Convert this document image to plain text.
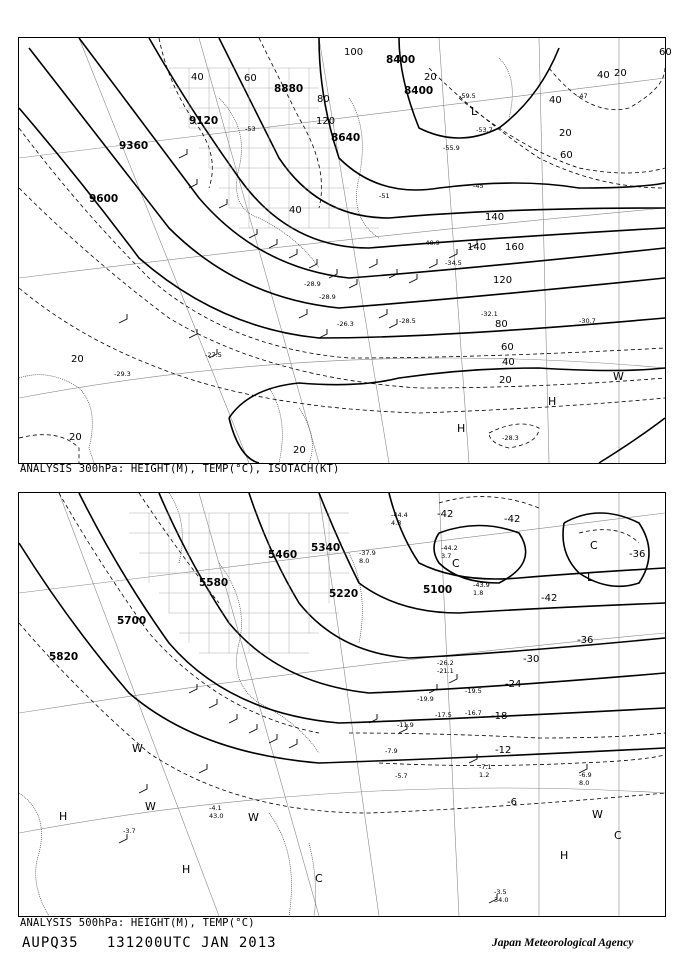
8400
8400
8880
9120
9360
9600
8640
40	60
80
120
100
40
140
20
40
60
20
140 160
120
80
60
40
20
20
20
20
20
40
60
-59.5
-53.7
-55.9
-45
-40.9
-34.5
-32.1
-30.7
-28.5
-28.9
-26.3
-27.5
-28.3
-29.3
-28.9
-47
-51
-53
L
H
H
W
ANALYSIS 300hPa: HEIGHT(M), TEMP(°C), ISOTACH(KT)
5460
5340
5220	5100
5580
5700
5820
-42	-42
-36
-42
-36
-30
-24
-18
-12
-6
-44.4
4.3
-44.2
3.7
-43.9
1.8
-37.9
8.0
-26.2
-21.1
-19.5
-19.9
-16.7
-17.5
-11.9
-7.9
-5.7
-7.1
1.2	-6.9
8.0
-4.1
43.0
-3.7
-3.5
34.0
C
C
L
W
W
W
H
H
H
W
C
C
ANALYSIS 500hPa: HEIGHT(M), TEMP(°C)
AUPQ35 131200UTC JAN 2013	Japan Meteorological Agency
